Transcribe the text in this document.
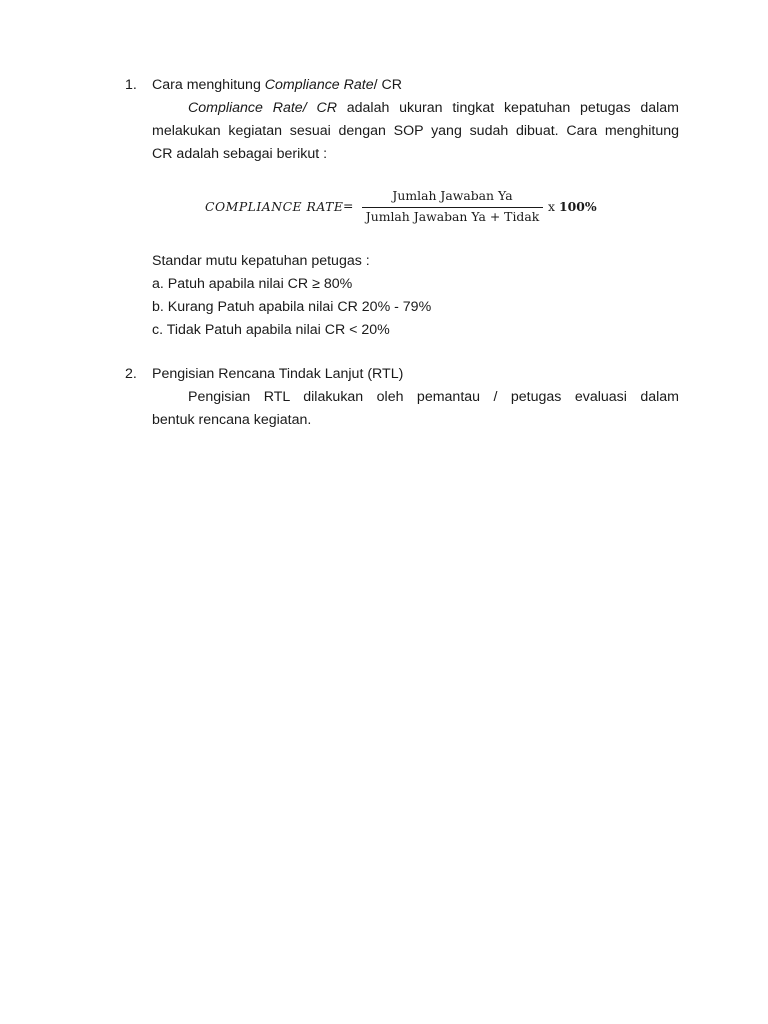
1. Cara menghitung Compliance Rate/ CR
Compliance Rate/ CR adalah ukuran tingkat kepatuhan petugas dalam
melakukan kegiatan sesuai dengan SOP yang sudah dibuat. Cara menghitung
CR adalah sebagai berikut :
COMPLIANCE RATE =
Jumlah Jawaban Ya
Jumlah Jawaban Ya + Tidak
x 100%
Standar mutu kepatuhan petugas :
a. Patuh apabila nilai CR ≥ 80%
b. Kurang Patuh apabila nilai CR 20% - 79%
c. Tidak Patuh apabila nilai CR < 20%
2. Pengisian Rencana Tindak Lanjut (RTL)
Pengisian RTL dilakukan oleh pemantau / petugas evaluasi dalam
bentuk rencana kegiatan.
